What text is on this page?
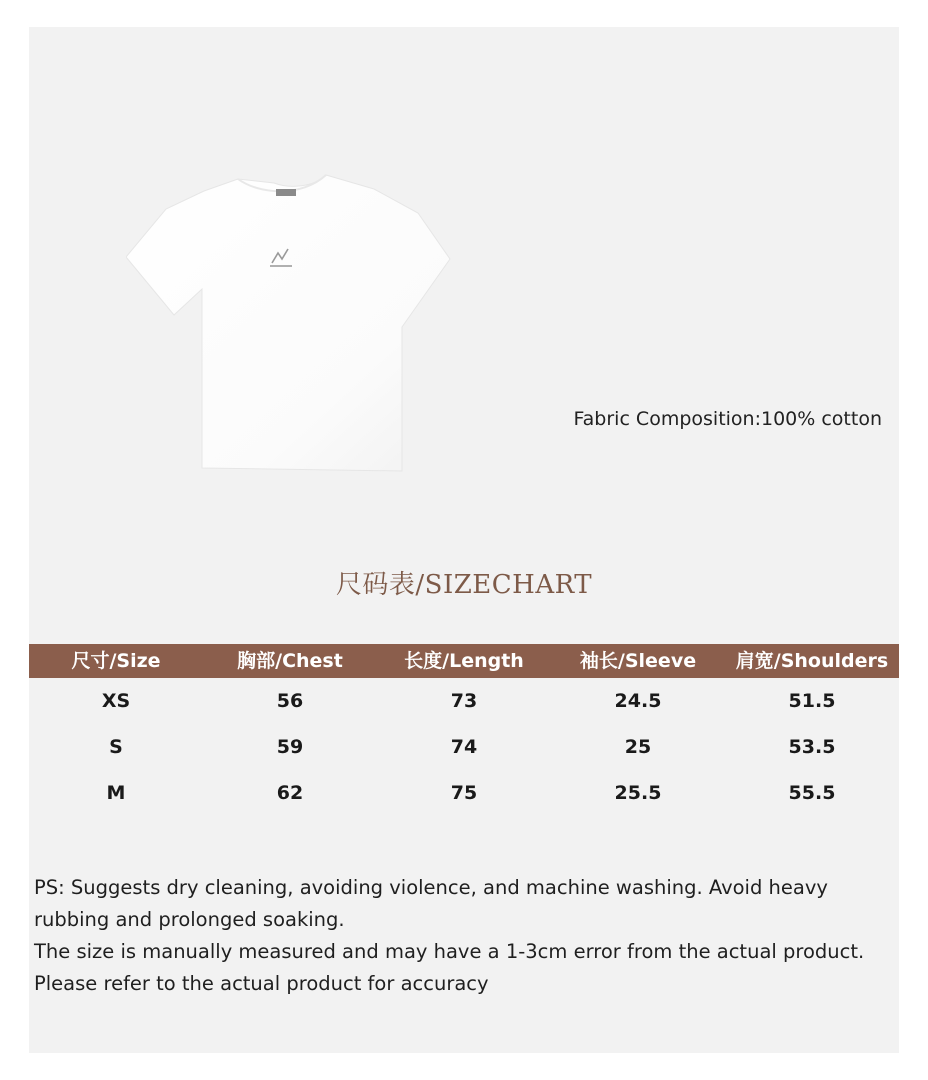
Fabric Composition:100% cotton
尺码表/SIZECHART
尺寸/Size	胸部/Chest	长度/Length	袖长/Sleeve	肩宽/Shoulders
XS	56	73	24.5	51.5
S	59	74	25	53.5
M	62	75	25.5	55.5

PS: Suggests dry cleaning, avoiding violence, and machine washing. Avoid heavy rubbing and prolonged soaking.

The size is manually measured and may have a 1-3cm error from the actual product.

Please refer to the actual product for accuracy
